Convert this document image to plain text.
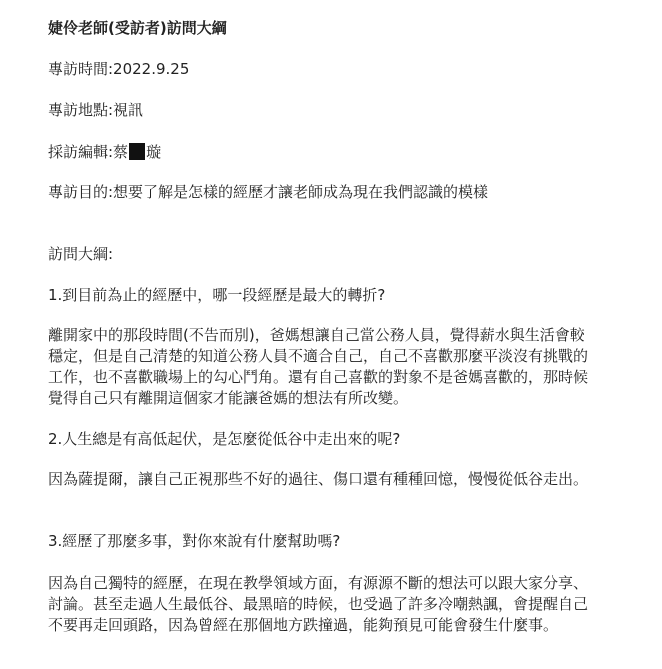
婕伶老師(受訪者)訪問大綱
專訪時間:2022.9.25
專訪地點:視訊
採訪編輯:蔡 璇
專訪目的:想要了解是怎樣的經歷才讓老師成為現在我們認識的模樣
訪問大綱:
1.到目前為止的經歷中，哪一段經歷是最大的轉折?
離開家中的那段時間(不告而別)，爸媽想讓自己當公務人員，覺得薪水與生活會較穩定，但是自己清楚的知道公務人員不適合自己，自己不喜歡那麼平淡沒有挑戰的工作，也不喜歡職場上的勾心鬥角。還有自己喜歡的對象不是爸媽喜歡的，那時候覺得自己只有離開這個家才能讓爸媽的想法有所改變。
2.人生總是有高低起伏，是怎麼從低谷中走出來的呢?
因為薩提爾，讓自己正視那些不好的過往、傷口還有種種回憶，慢慢從低谷走出。
3.經歷了那麼多事，對你來說有什麼幫助嗎?
因為自己獨特的經歷，在現在教學領域方面，有源源不斷的想法可以跟大家分享、討論。甚至走過人生最低谷、最黑暗的時候，也受過了許多冷嘲熱諷，會提醒自己不要再走回頭路，因為曾經在那個地方跌撞過，能夠預見可能會發生什麼事。
